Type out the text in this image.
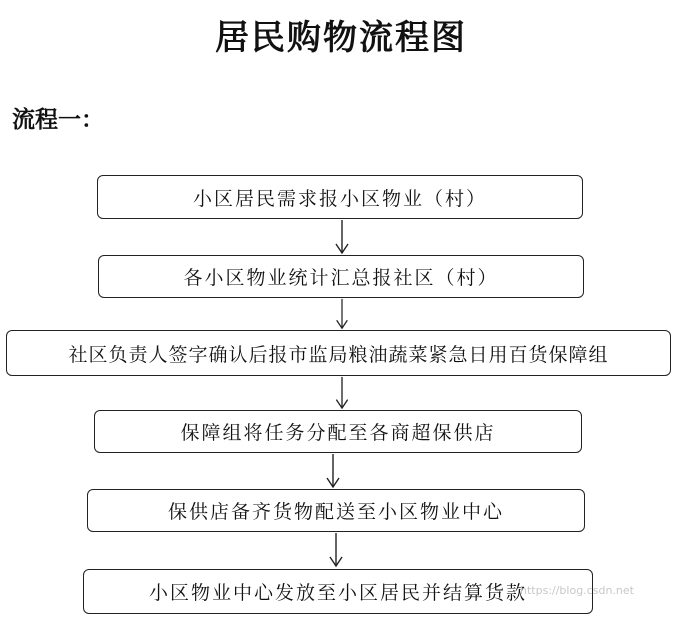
居民购物流程图
流程一：
小区居民需求报小区物业（村）
各小区物业统计汇总报社区（村）
社区负责人签字确认后报市监局粮油蔬菜紧急日用百货保障组
保障组将任务分配至各商超保供店
保供店备齐货物配送至小区物业中心
小区物业中心发放至小区居民并结算货款
https://blog.csdn.net
